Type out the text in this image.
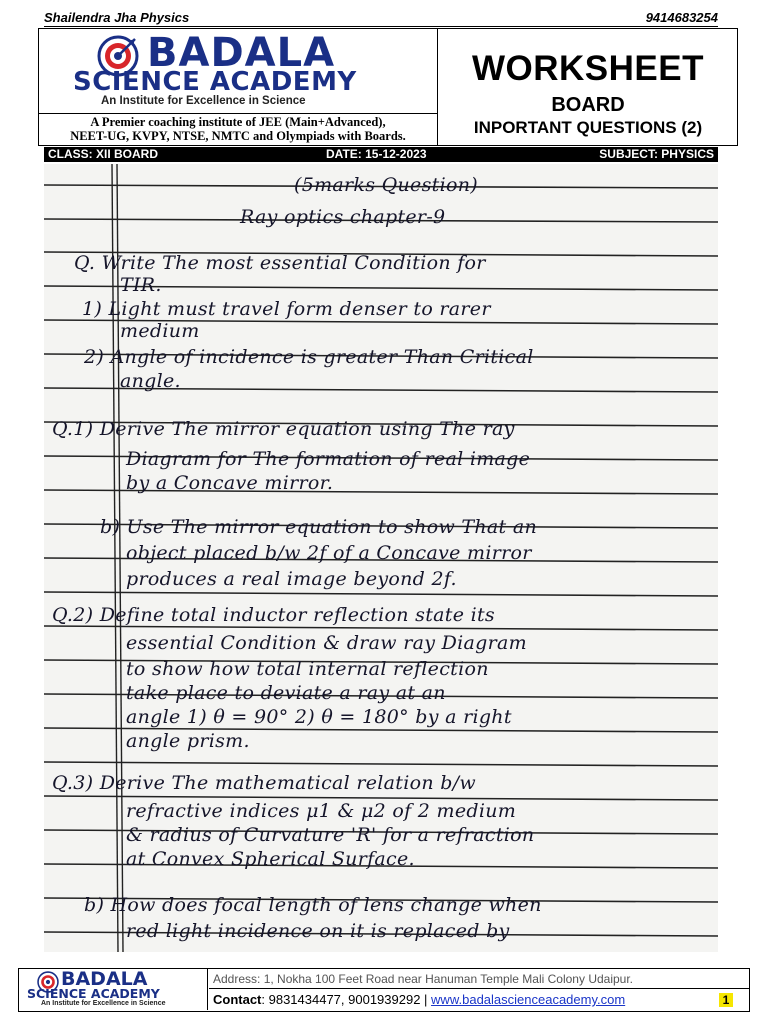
Shailendra Jha Physics	9414683254
BADALA
SCIENCE ACADEMY
An Institute for Excellence in Science
A Premier coaching institute of JEE (Main+Advanced),
NEET-UG, KVPY, NTSE, NMTC and Olympiads with Boards.
WORKSHEET
BOARD
INPORTANT QUESTIONS (2)
CLASS: XII BOARD	DATE: 15-12-2023	SUBJECT: PHYSICS
(5marks Question)
Ray optics chapter-9
Q. Write The most essential Condition for
TIR.
1) Light must travel form denser to rarer
medium
2) Angle of incidence is greater Than Critical
angle.
Q.1) Derive The mirror equation using The ray
Diagram for The formation of real image
by a Concave mirror.
b) Use The mirror equation to show That an
object placed b/w 2f of a Concave mirror
produces a real image beyond 2f.
Q.2) Define total inductor reflection state its
essential Condition & draw ray Diagram
to show how total internal reflection
take place to deviate a ray at an
angle 1) θ = 90° 2) θ = 180° by a right
angle prism.
Q.3) Derive The mathematical relation b/w
refractive indices μ1 & μ2 of 2 medium
& radius of Curvature 'R' for a refraction
at Convex Spherical Surface.
b) How does focal length of lens change when
red light incidence on it is replaced by
BADALA
SCIENCE ACADEMY
An Institute for Excellence in Science
Address: 1, Nokha 100 Feet Road near Hanuman Temple Mali Colony Udaipur.
Contact: 9831434477, 9001939292 | www.badalascienceacademy.com	1
